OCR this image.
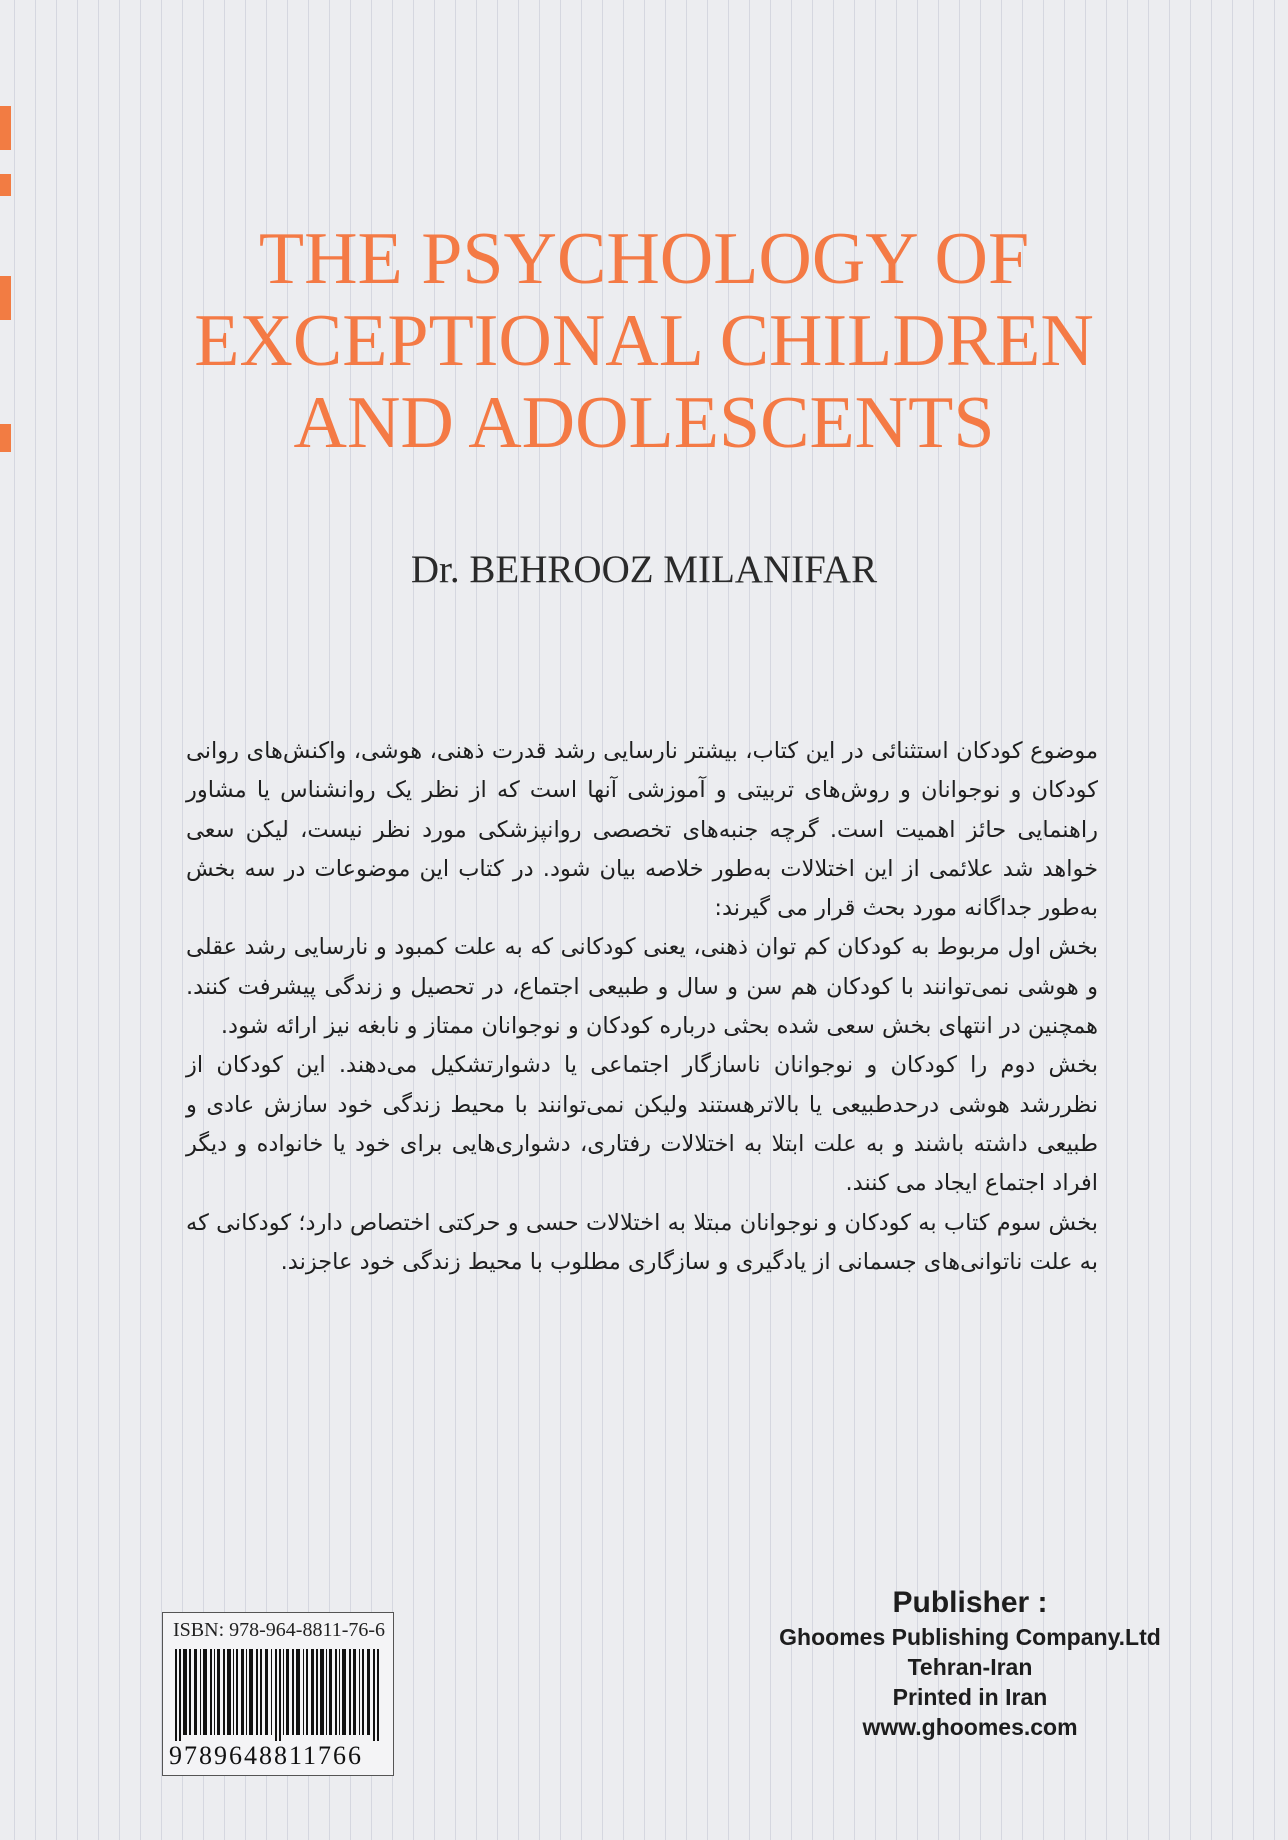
THE PSYCHOLOGY OF
EXCEPTIONAL CHILDREN
AND ADOLESCENTS
Dr. BEHROOZ MILANIFAR

موضوع کودکان استثنائی در این کتاب، بیشتر نارسایی رشد قدرت ذهنی، هوشی، واکنش‌های روانی کودکان و نوجوانان و روش‌های تربیتی و آموزشی آنها است که از نظر یک روانشناس یا مشاور راهنمایی حائز اهمیت است. گرچه جنبه‌های تخصصی روانپزشکی مورد نظر نیست، لیکن سعی خواهد شد علائمی از این اختلالات به‌طور خلاصه بیان شود. در کتاب این موضوعات در سه بخش به‌طور جداگانه مورد بحث قرار می گیرند:

بخش اول مربوط به کودکان کم توان ذهنی، یعنی کودکانی که به علت کمبود و نارسایی رشد عقلی و هوشی نمی‌توانند با کودکان هم سن و سال و طبیعی اجتماع، در تحصیل و زندگی پیشرفت کنند. همچنین در انتهای بخش سعی شده بحثی درباره کودکان و نوجوانان ممتاز و نابغه نیز ارائه شود.

بخش دوم را کودکان و نوجوانان ناسازگار اجتماعی یا دشوارتشکیل می‌دهند. این کودکان از نظررشد هوشی درحدطبیعی یا بالاترهستند ولیکن نمی‌توانند با محیط زندگی خود سازش عادی و طبیعی داشته باشند و به علت ابتلا به اختلالات رفتاری، دشواری‌هایی برای خود یا خانواده و دیگر افراد اجتماع ایجاد می کنند.

بخش سوم کتاب به کودکان و نوجوانان مبتلا به اختلالات حسی و حرکتی اختصاص دارد؛ کودکانی که به علت ناتوانی‌های جسمانی از یادگیری و سازگاری مطلوب با محیط زندگی خود عاجزند.

ISBN: 978-964-8811-76-6
9789648811766
Publisher :
Ghoomes Publishing Company.Ltd
Tehran-Iran
Printed in Iran
www.ghoomes.com
